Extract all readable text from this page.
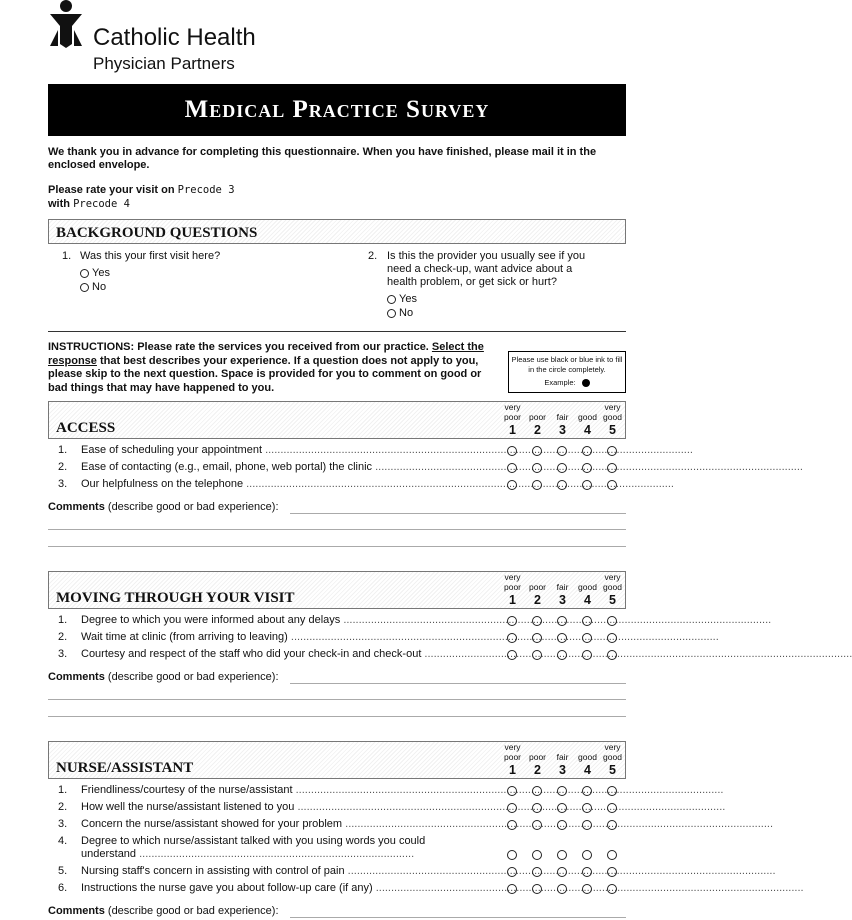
Catholic Health
Physician Partners
Medical Practice Survey
We thank you in advance for completing this questionnaire. When you have finished, please mail it in the enclosed envelope.
Please rate your visit on Precode 3
with Precode 4
BACKGROUND QUESTIONS
1. Was this your first visit here?
Yes
No
2. Is this the provider you usually see if you need a check-up, want advice about a health problem, or get sick or hurt?
Yes
No
INSTRUCTIONS: Please rate the services you received from our practice. Select the response that best describes your experience. If a question does not apply to you, please skip to the next question. Space is provided for you to comment on good or bad things that may have happened to you.
Please use black or blue ink to fill in the circle completely.
Example:
ACCESS
very
poor
1

poor
2

fair
3

good
4
very
good
5
1. Ease of scheduling your appointment ............................................................................................................................................
2. Ease of contacting (e.g., email, phone, web portal) the clinic ............................................................................................................................................
3. Our helpfulness on the telephone ............................................................................................................................................
Comments (describe good or bad experience):
MOVING THROUGH YOUR VISIT
very
poor
1

poor
2

fair
3

good
4
very
good
5
1. Degree to which you were informed about any delays ............................................................................................................................................
2. Wait time at clinic (from arriving to leaving) ............................................................................................................................................
3. Courtesy and respect of the staff who did your check-in and check-out ............................................................................................................................................
Comments (describe good or bad experience):
NURSE/ASSISTANT
very
poor
1

poor
2

fair
3

good
4
very
good
5
1. Friendliness/courtesy of the nurse/assistant ............................................................................................................................................
2. How well the nurse/assistant listened to you ............................................................................................................................................
3. Concern the nurse/assistant showed for your problem ............................................................................................................................................
4. Degree to which nurse/assistant talked with you using words you could
understand ..........................................................................................
5. Nursing staff's concern in assisting with control of pain ............................................................................................................................................
6. Instructions the nurse gave you about follow-up care (if any) ............................................................................................................................................
Comments (describe good or bad experience):
